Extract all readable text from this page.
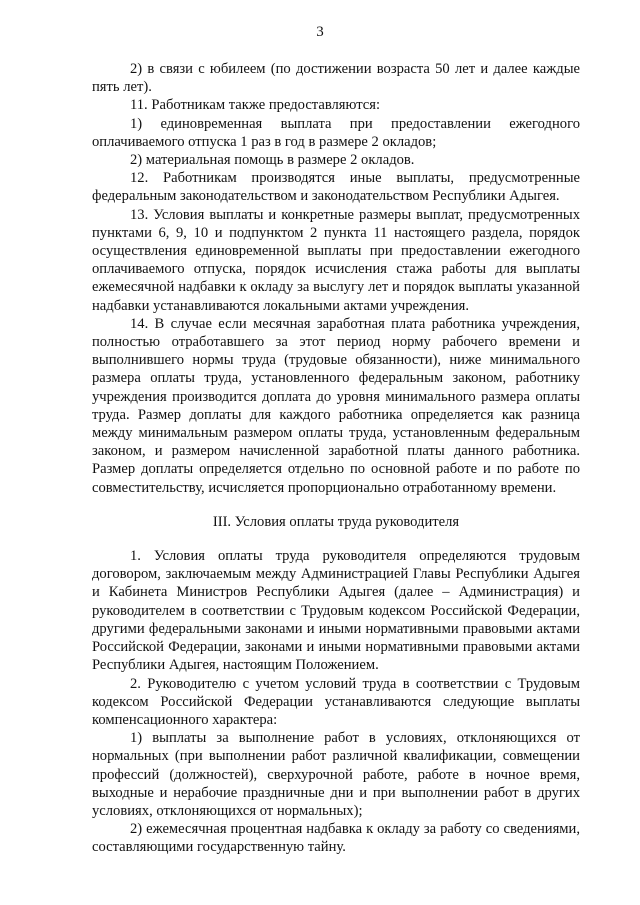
3

2) в связи с юбилеем (по достижении возраста 50 лет и далее каждые пять лет).

11. Работникам также предоставляются:

1) единовременная выплата при предоставлении ежегодного оплачиваемого отпуска 1 раз в год в размере 2 окладов;

2) материальная помощь в размере 2 окладов.

12. Работникам производятся иные выплаты, предусмотренные федеральным законодательством и законодательством Республики Адыгея.

13. Условия выплаты и конкретные размеры выплат, предусмотренных пунктами 6, 9, 10 и подпунктом 2 пункта 11 настоящего раздела, порядок осуществления единовременной выплаты при предоставлении ежегодного оплачиваемого отпуска, порядок исчисления стажа работы для выплаты ежемесячной надбавки к окладу за выслугу лет и порядок выплаты указанной надбавки устанавливаются локальными актами учреждения.

14. В случае если месячная заработная плата работника учреждения, полностью отработавшего за этот период норму рабочего времени и выполнившего нормы труда (трудовые обязанности), ниже минимального размера оплаты труда, установленного федеральным законом, работнику учреждения производится доплата до уровня минимального размера оплаты труда. Размер доплаты для каждого работника определяется как разница между минимальным размером оплаты труда, установленным федеральным законом, и размером начисленной заработной платы данного работника. Размер доплаты определяется отдельно по основной работе и по работе по совместительству, исчисляется пропорционально отработанному времени.

III. Условия оплаты труда руководителя

1. Условия оплаты труда руководителя определяются трудовым договором, заключаемым между Администрацией Главы Республики Адыгея и Кабинета Министров Республики Адыгея (далее – Администрация) и руководителем в соответствии с Трудовым кодексом Российской Федерации, другими федеральными законами и иными нормативными правовыми актами Российской Федерации, законами и иными нормативными правовыми актами Республики Адыгея, настоящим Положением.

2. Руководителю с учетом условий труда в соответствии с Трудовым кодексом Российской Федерации устанавливаются следующие выплаты компенсационного характера:

1) выплаты за выполнение работ в условиях, отклоняющихся от нормальных (при выполнении работ различной квалификации, совмещении профессий (должностей), сверхурочной работе, работе в ночное время, выходные и нерабочие праздничные дни и при выполнении работ в других условиях, отклоняющихся от нормальных);

2) ежемесячная процентная надбавка к окладу за работу со сведениями, составляющими государственную тайну.
